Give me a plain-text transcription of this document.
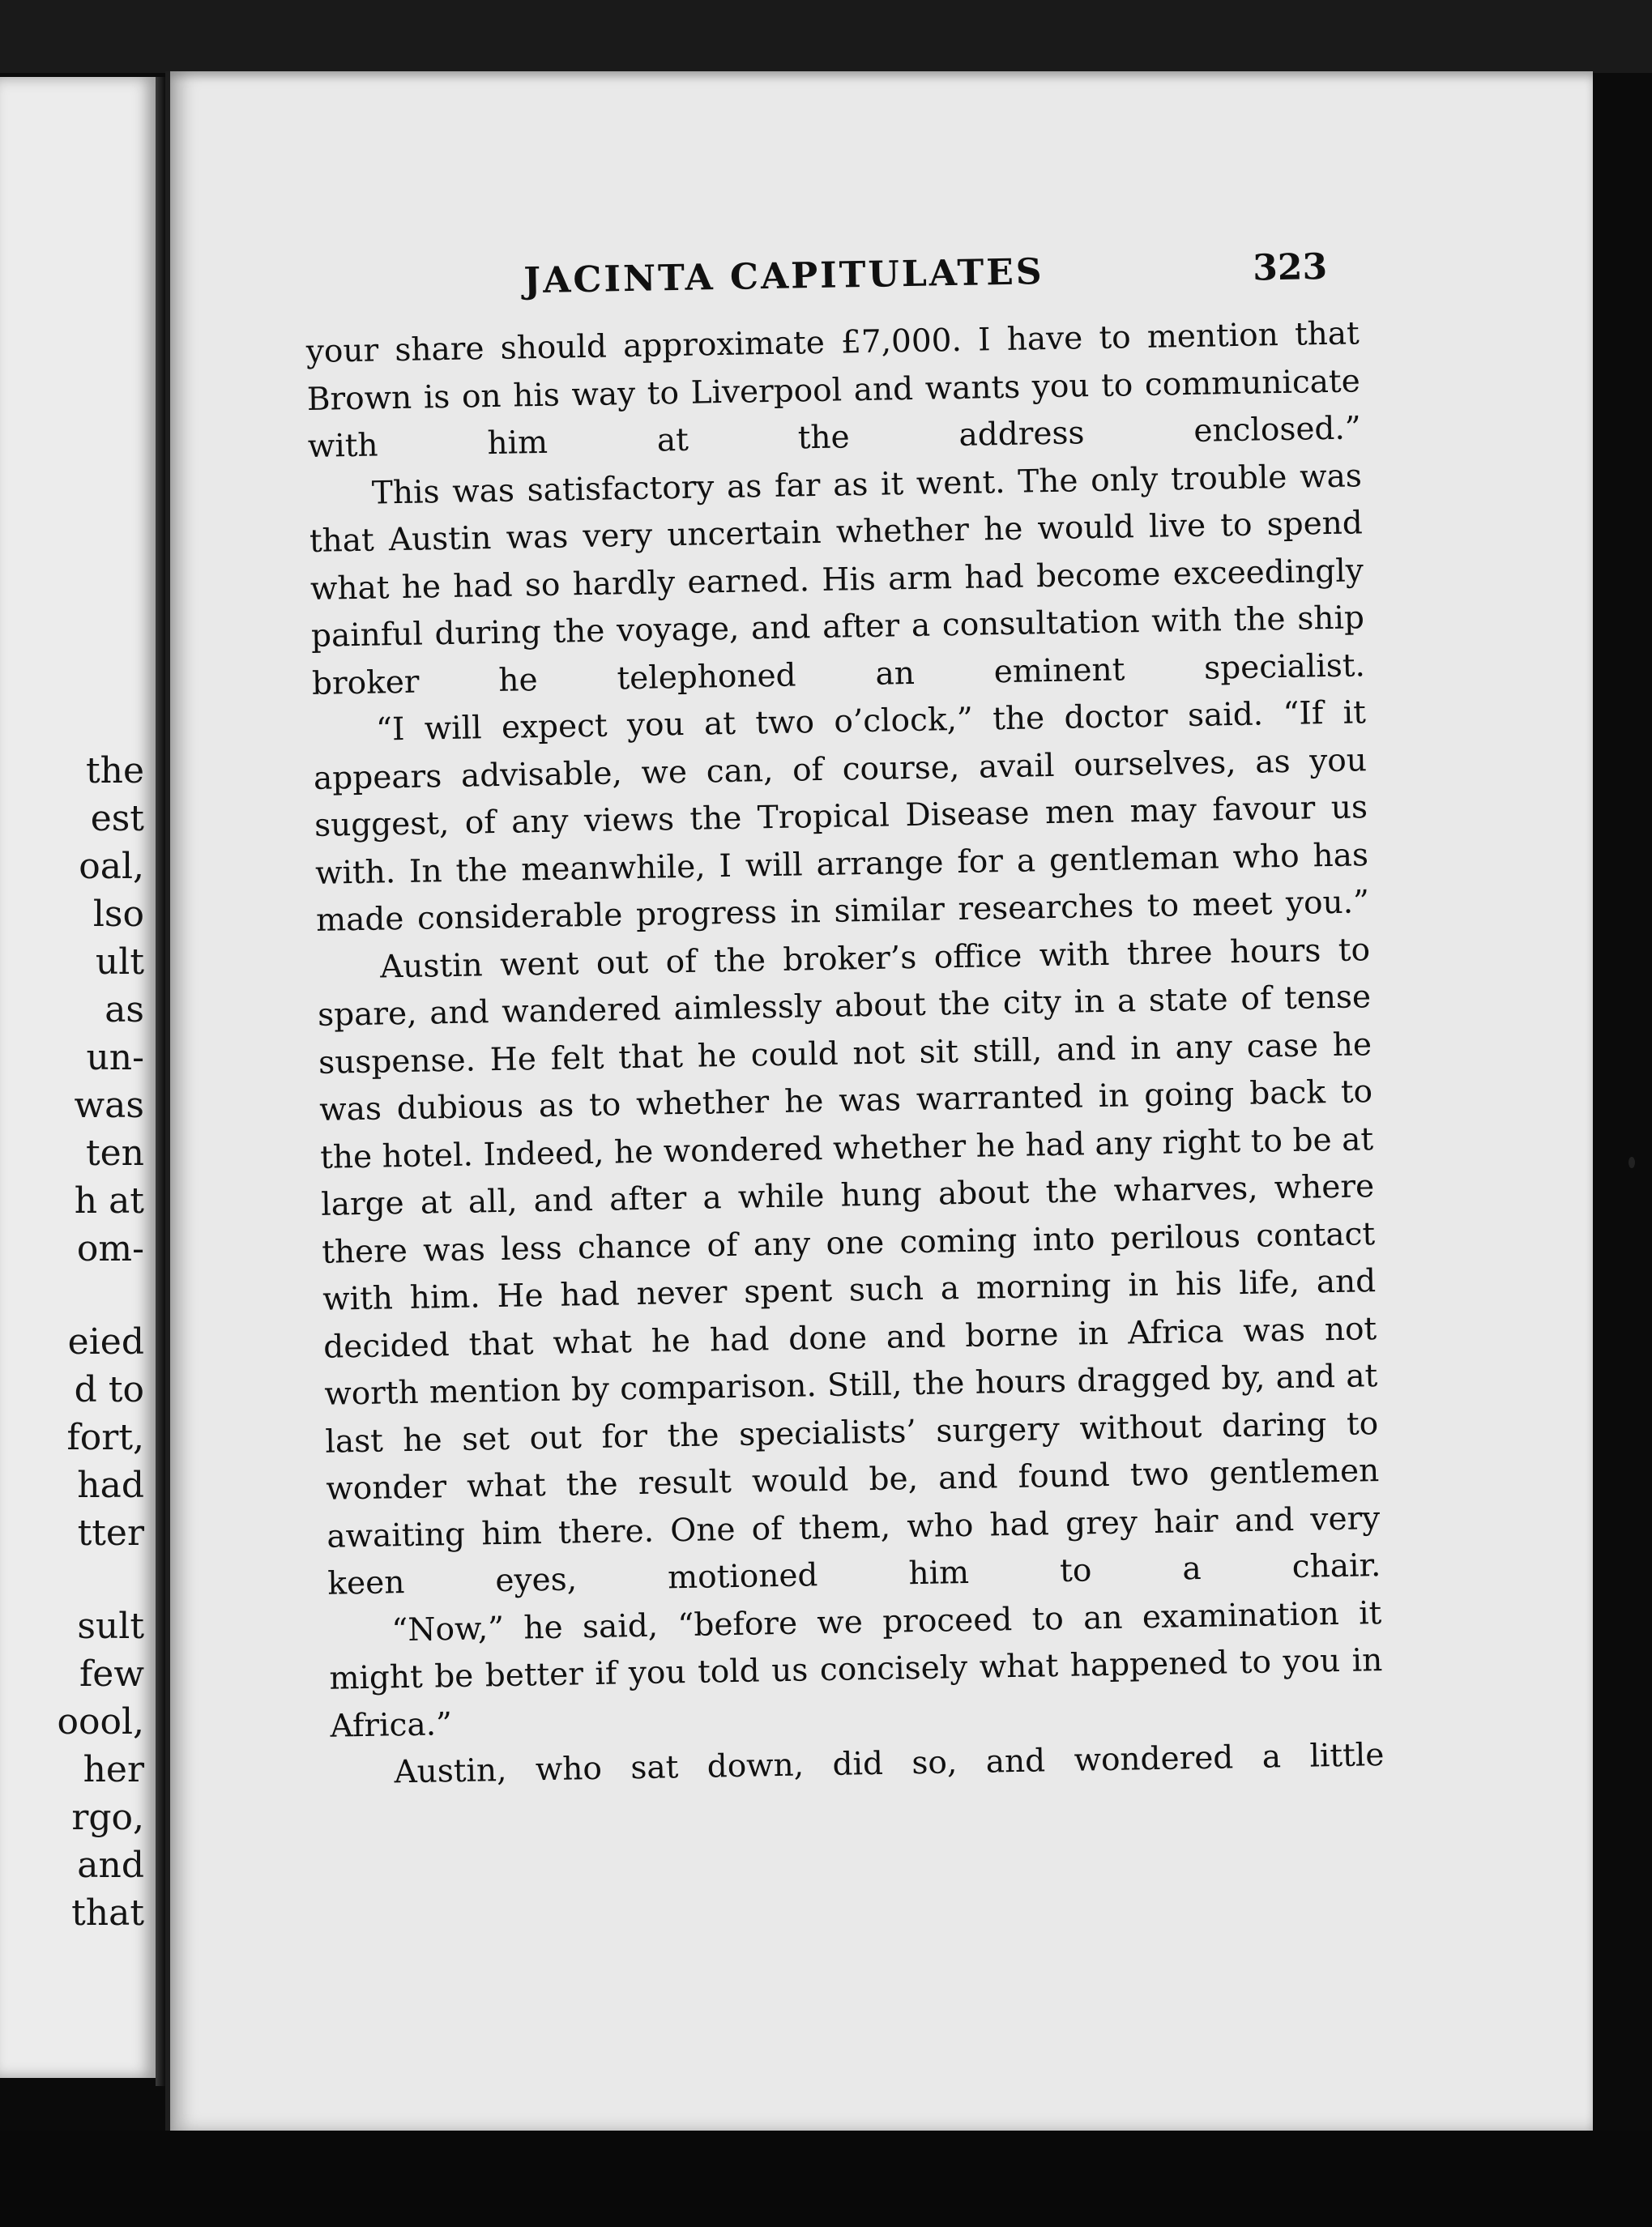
the
est
oal,
lso
ult
as
un-
was
ten
h at
om-
eied
d to
fort,
had
tter
sult
few
oool,
her
rgo,
and
that
JACINTA CAPITULATES	323

your share should approximate £7,000. I have to mention that Brown is on his way to Liverpool and wants you to communicate with him at the address enclosed.”

This was satisfactory as far as it went. The only trouble was that Austin was very uncertain whether he would live to spend what he had so hardly earned. His arm had become exceedingly painful during the voyage, and after a consultation with the ship broker he telephoned an eminent specialist.

“I will expect you at two o’clock,” the doctor said. “If it appears advisable, we can, of course, avail ourselves, as you suggest, of any views the Tropical Disease men may favour us with. In the meanwhile, I will arrange for a gentleman who has made considerable progress in similar researches to meet you.”

Austin went out of the broker’s office with three hours to spare, and wandered aimlessly about the city in a state of tense suspense. He felt that he could not sit still, and in any case he was dubious as to whether he was warranted in going back to the hotel. Indeed, he wondered whether he had any right to be at large at all, and after a while hung about the wharves, where there was less chance of any one coming into perilous contact with him. He had never spent such a morning in his life, and decided that what he had done and borne in Africa was not worth mention by comparison. Still, the hours dragged by, and at last he set out for the specialists’ surgery without daring to wonder what the result would be, and found two gentlemen awaiting him there. One of them, who had grey hair and very keen eyes, motioned him to a chair.

“Now,” he said, “before we proceed to an examination it might be better if you told us concisely what happened to you in Africa.”

Austin, who sat down, did so, and wondered a little
